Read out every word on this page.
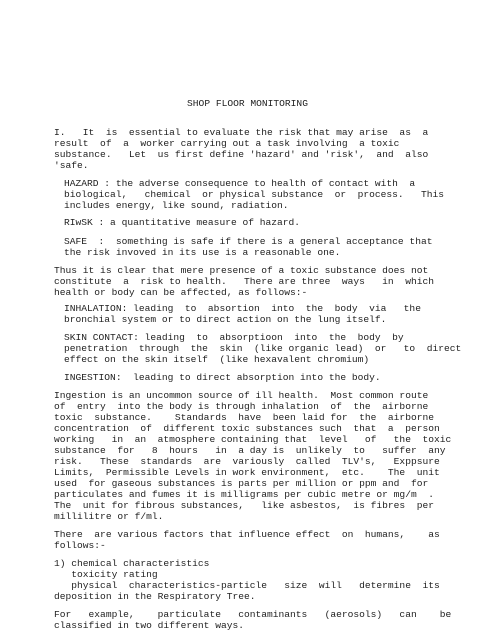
SHOP FLOOR MONITORING
I.   It  is  essential to evaluate the risk that may arise  as  a
result  of  a  worker carrying out a task involving  a toxic
substance.   Let  us first define 'hazard' and 'risk',  and  also
'safe.
HAZARD : the adverse consequence to health of contact with  a
biological,   chemical  or physical substance  or  process.   This
includes energy, like sound, radiation.
RIwSK : a quantitative measure of hazard.
SAFE  :  something is safe if there is a general acceptance that
the risk invoved in its use is a reasonable one.
Thus it is clear that mere presence of a toxic substance does not
constitute  a  risk to health.   There are three  ways   in  which
health or body can be affected, as follows:-
INHALATION: leading  to  absortion  into  the  body  via   the
bronchial system or to direct action on the lung itself.
SKIN CONTACT: leading  to  absorptioon  into  the  body  by
penetration  through  the  skin  (like organic lead)  or   to  direct
effect on the skin itself  (like hexavalent chromium)
INGESTION:  leading to direct absorption into the body.
Ingestion is an uncommon source of ill health.  Most common route
of  entry  into the body is through inhalation  of  the  airborne
toxic  substance.    Standards  have  been laid for  the  airborne
concentration  of  different toxic substances such  that  a  person
working   in  an  atmosphere containing that  level   of   the  toxic
substance  for   8  hours   in  a day is  unlikely  to   suffer  any
risk.   These  standards  are  variously  called  TLV's,   Exppsure
Limits,  Permissible Levels in work environment,  etc.    The  unit
used  for gaseous substances is parts per million or ppm and  for
particulates and fumes it is milligrams per cubic metre or mg/m  .
The  unit for fibrous substances,   like asbestos,  is fibres  per
millilitre or f/ml.
There  are various factors that influence effect  on  humans,    as
follows:-
1) chemical characteristics
toxicity rating
physical  characteristics-particle   size  will   determine  its
deposition in the Respiratory Tree.
For   example,    particulate   contaminants   (aerosols)   can    be
classified in two different ways.
